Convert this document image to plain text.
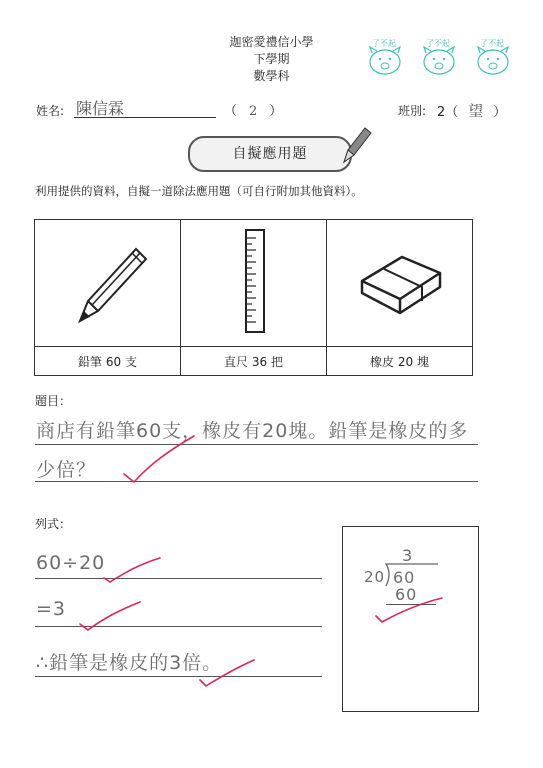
迦密愛禮信小學
下學期
數學科
了不起	了不起	了不起
姓名: 陳信霖	（ 2 ）	班別: 2（ 望 ）
自擬應用題
利用提供的資料，自擬一道除法應用題（可自行附加其他資料）。

鉛筆 60 支	直尺 36 把	橡皮 20 塊
題目：
商店有鉛筆60支，橡皮有20塊。鉛筆是橡皮的多
少倍？
列式：
60÷20
=3
∴鉛筆是橡皮的3倍。
3
20 60
60
